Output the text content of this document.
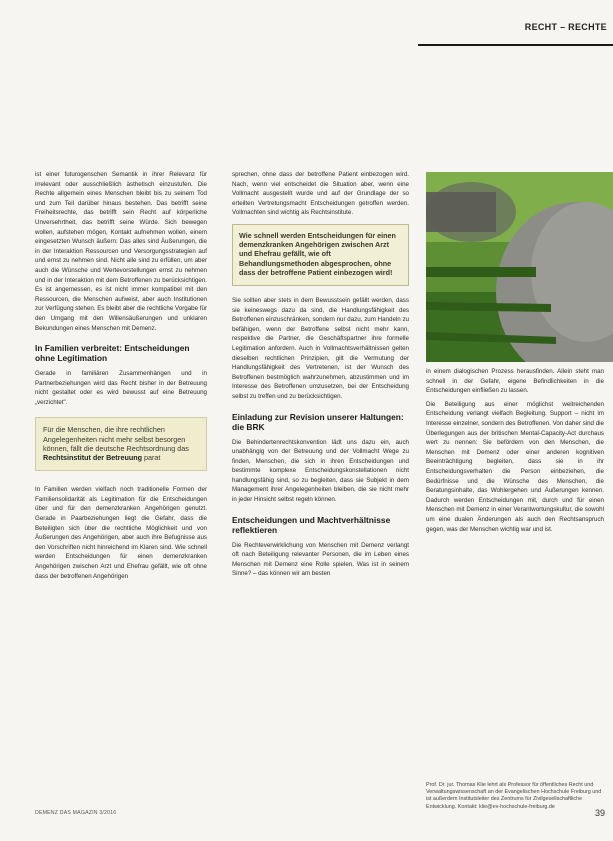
RECHT – RECHTE

ist einer futurogenschen Semantik in ihrer Relevanz für irrelevant oder ausschließlich ästhetisch einzustufen. Die Rechte allgemein eines Menschen bleibt bis zu seinem Tod und zum Teil darüber hinaus bestehen. Das betrifft seine Freiheitsrechte, das betrifft sein Recht auf körperliche Unversehrtheit, das betrifft seine Würde. Sich bewegen wollen, aufstehen mögen, Kontakt aufnehmen wollen, einem eingesetzten Wunsch äußern: Das alles sind Äußerungen, die in der Interaktion Ressourcen und Versorgungsstrategien auf und ernst zu nehmen sind. Nicht alle sind zu erfüllen, um aber auch die Wünsche und Wertevorstellungen ernst zu nehmen und in der Interaktion mit dem Betroffenen zu berücksichtigen. Es ist angemessen, es ist nicht immer kompatibel mit den Ressourcen, die Menschen aufweist, aber auch Institutionen zur Verfügung stehen. Es bleibt aber die rechtliche Vorgabe für den Umgang mit den Willensäußerungen und unklaren Bekundungen eines Menschen mit Demenz.

In Familien verbreitet: Entscheidungen ohne Legitimation

Gerade in familiären Zusammenhängen und in Partnerbeziehungen wird das Recht bisher in der Betreuung nicht gestaltet oder es wird bewusst auf eine Betreuung „verzichtet".

Für die Menschen, die ihre rechtlichen Angelegenheiten nicht mehr selbst besorgen können, fällt die deutsche Rechtsordnung das Rechtsinstitut der Betreuung parat

In Familien werden vielfach noch traditionelle Formen der Familiensolidarität als Legitimation für die Entscheidungen über und für den demenzkranken Angehörigen genutzt. Gerade in Paarbeziehungen liegt die Gefahr, dass die Beteiligten sich über die rechtliche Möglichkeit und von Äußerungen des Angehörigen, aber auch ihre Befugnisse aus den Vorschriften nicht hinreichend im Klaren sind. Wie schnell werden Entscheidungen für einen demenzkranken Angehörigen zwischen Arzt und Ehefrau gefällt, wie oft ohne dass der betroffenen Angehörigen

sprechen, ohne dass der betroffene Patient einbezogen wird. Nach, wenn viel entscheidet die Situation aber, wenn eine Vollmacht ausgestellt wurde und auf der Grundlage der so erteilten Vertretungsmacht Entscheidungen getroffen werden. Vollmachten sind wichtig als Rechtsinstitute.

Wie schnell werden Entscheidungen für einen demenzkranken Angehörigen zwischen Arzt und Ehefrau gefällt, wie oft Behandlungsmethoden abgesprochen, ohne dass der betroffene Patient einbezogen wird!

Sie sollten aber stets in dem Bewusstsein gefällt werden, dass sie keineswegs dazu da sind, die Handlungsfähigkeit des Betroffenen einzuschränken, sondern nur dazu, zum Handeln zu befähigen, wenn der Betroffene selbst nicht mehr kann, respektive die Partner, die Geschäftspartner ihre formelle Legitimation anfordern. Auch in Vollmachtsverhältnissen gelten dieselben rechtlichen Prinzipien, gilt die Vermutung der Handlungsfähigkeit des Vertretenen, ist der Wunsch des Betroffenen bestmöglich wahrzunehmen, abzustimmen und im Interesse des Betroffenen umzusetzen, bei der Entscheidung selbst zu treffen und zu berücksichtigen.

Einladung zur Revision unserer Haltungen: die BRK

Die Behindertenrechtskonvention lädt uns dazu ein, auch unabhängig von der Betreuung und der Vollmacht Wege zu finden, Menschen, die sich in ihren Entscheidungen und bestimmte komplexe Entscheidungskonstellationen nicht handlungsfähig sind, so zu begleiten, dass sie Subjekt in dem Management ihrer Angelegenheiten bleiben, die sie nicht mehr in jeder Hinsicht selbst regeln können.

Entscheidungen und Machtverhältnisse reflektieren

Die Rechteverwirklichung von Menschen mit Demenz verlangt oft nach Beteiligung relevanter Personen, die im Leben eines Menschen mit Demenz eine Rolle spielen. Was ist in seinem Sinne? – das können wir am besten

in einem dialogischen Prozess herausfinden. Allein steht man schnell in der Gefahr, eigene Befindlichkeiten in die Entscheidungen einfließen zu lassen.

Die Beteiligung aus einer möglichst weitreichenden Entscheidung verlangt vielfach Begleitung. Support – nicht im Interesse einzelner, sondern des Betroffenen. Von daher sind die Überlegungen aus der britischen Mental-Capacity-Act durchaus wert zu nennen: Sie befördern von den Menschen, die Menschen mit Demenz oder einer anderen kognitiven Beeinträchtigung begleiten, dass sie in ihr Entscheidungsverhalten die Person einbeziehen, die Bedürfnisse und die Wünsche des Menschen, die Beratungsinhalte, das Wohlergehen und Äußerungen kennen. Dadurch werden Entscheidungen mit, durch und für einen Menschen mit Demenz in einer Verantwortungskultur, die sowohl um eine dualen Änderungen als auch den Rechtsanspruch gegen, was der Menschen wichtig war und ist.

Prof. Dr. jur. Thomas Klie lehrt als Professor für öffentliches Recht und Verwaltungswissenschaft an der Evangelischen Hochschule Freiburg und ist außerdem Institutsleiter des Zentrums für Zivilgesellschaftliche Entwicklung. Kontakt: klie@ev-hochschule-freiburg.de
DEMENZ DAS MAGAZIN 3/2016	39
